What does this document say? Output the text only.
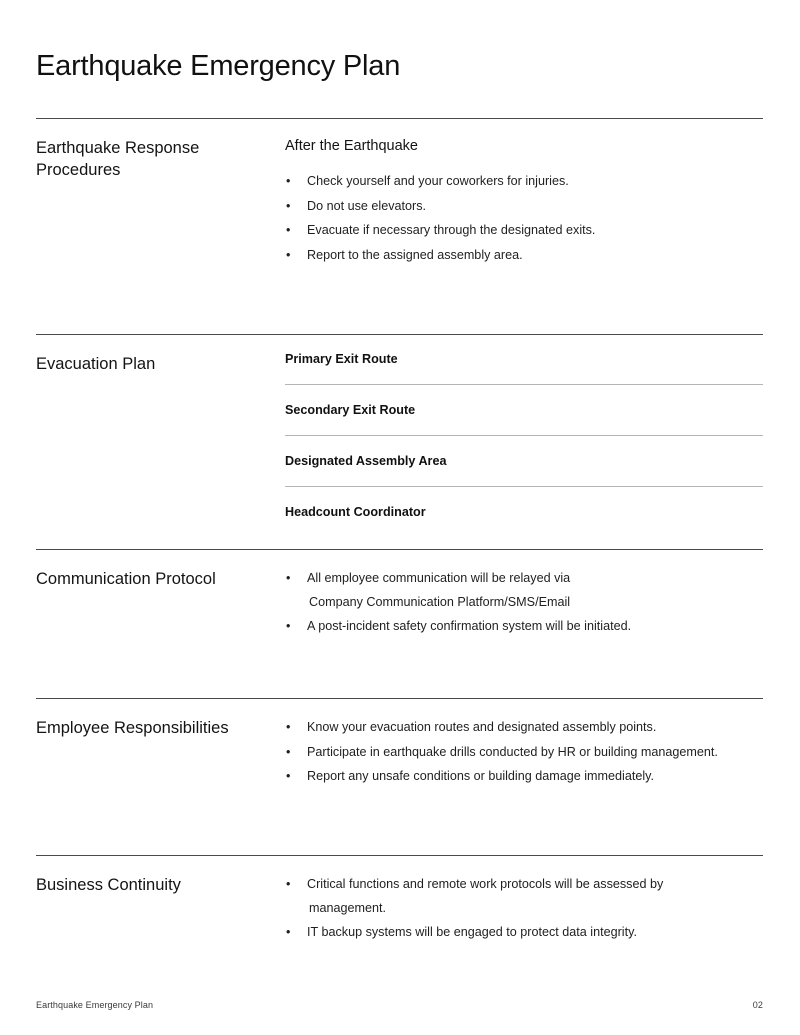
Earthquake Emergency Plan
Earthquake Response Procedures
After the Earthquake
• Check yourself and your coworkers for injuries.
• Do not use elevators.
• Evacuate if necessary through the designated exits.
• Report to the assigned assembly area.
Evacuation Plan	Primary Exit Route
Secondary Exit Route
Designated Assembly Area
Headcount Coordinator
Communication Protocol	• All employee communication will be relayed via
Company Communication Platform/SMS/Email
• A post-incident safety confirmation system will be initiated.
Employee Responsibilities	• Know your evacuation routes and designated assembly points.
• Participate in earthquake drills conducted by HR or building management.
• Report any unsafe conditions or building damage immediately.
Business Continuity	• Critical functions and remote work protocols will be assessed by
management.
• IT backup systems will be engaged to protect data integrity.
Earthquake Emergency Plan	02
